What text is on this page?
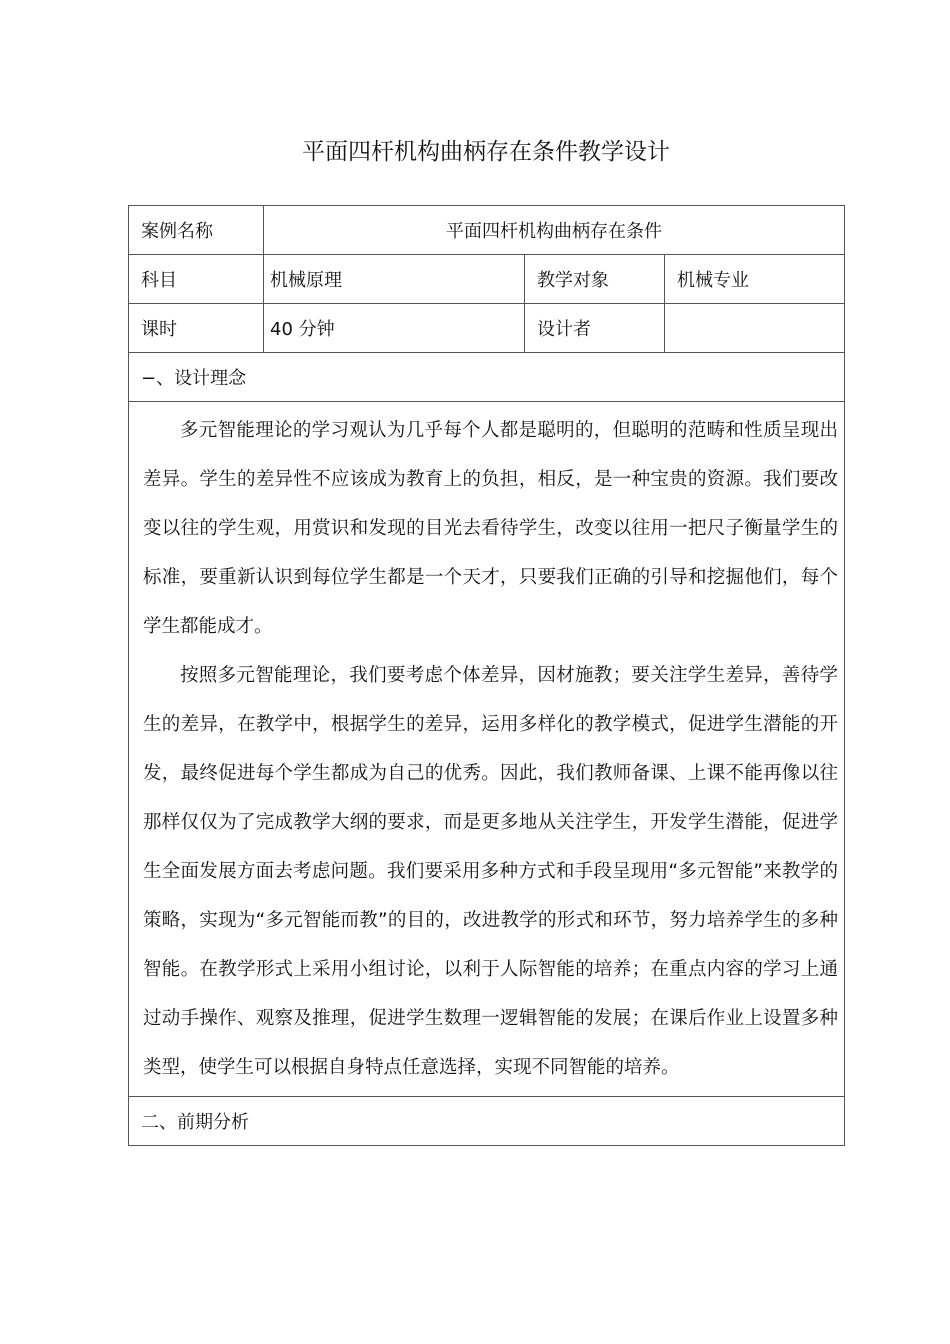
平面四杆机构曲柄存在条件教学设计
案例名称	平面四杆机构曲柄存在条件		
科目	机械原理	教学对象	机械专业
课时	40 分钟	设计者	
−、设计理念			

多元智能理论的学习观认为几乎每个人都是聪明的，但聪明的范畴和性质呈现出差异。学生的差异性不应该成为教育上的负担，相反，是一种宝贵的资源。我们要改变以往的学生观，用赏识和发现的目光去看待学生，改变以往用一把尺子衡量学生的标准，要重新认识到每位学生都是一个天才，只要我们正确的引导和挖掘他们，每个学生都能成才。

按照多元智能理论，我们要考虑个体差异，因材施教；要关注学生差异，善待学生的差异，在教学中，根据学生的差异，运用多样化的教学模式，促进学生潜能的开发，最终促进每个学生都成为自己的优秀。因此，我们教师备课、上课不能再像以往那样仅仅为了完成教学大纲的要求，而是更多地从关注学生，开发学生潜能，促进学生全面发展方面去考虑问题。我们要采用多种方式和手段呈现用“多元智能”来教学的策略，实现为“多元智能而教”的目的，改进教学的形式和环节，努力培养学生的多种智能。在教学形式上采用小组讨论，以利于人际智能的培养；在重点内容的学习上通过动手操作、观察及推理，促进学生数理一逻辑智能的发展；在课后作业上设置多种类型，使学生可以根据自身特点任意选择，实现不同智能的培养。			

二、前期分析			
